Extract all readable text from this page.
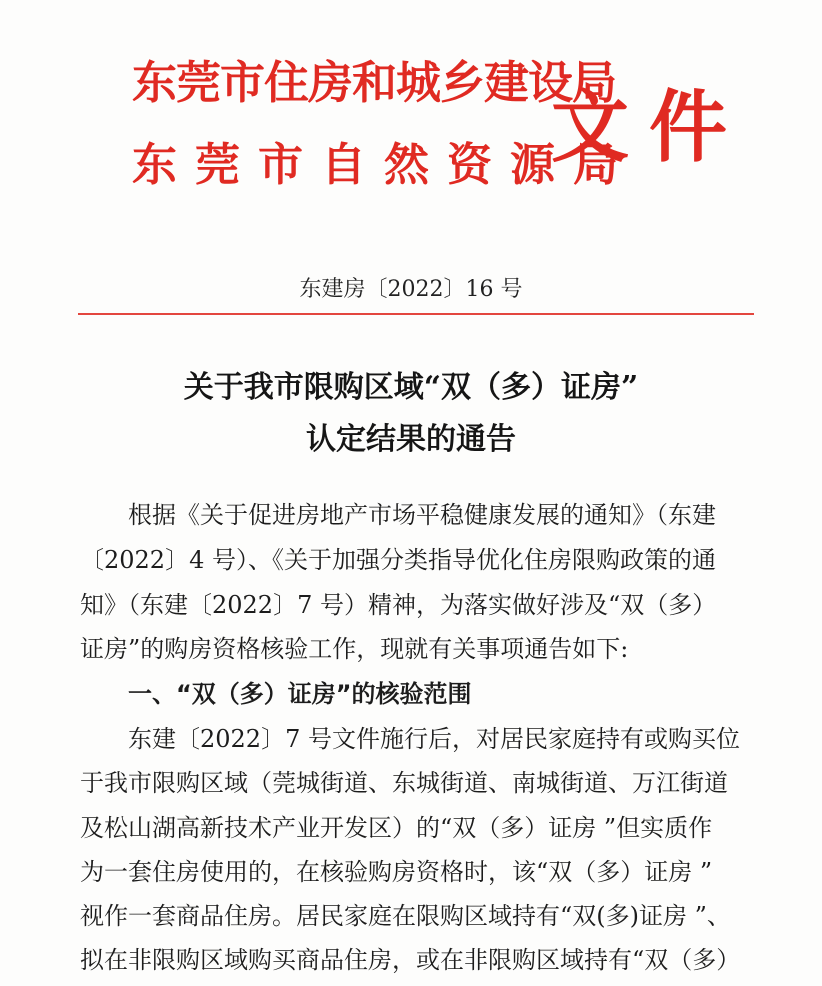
东莞市住房和城乡建设局
东莞市自然资源局
文件
东建房〔2022〕16 号
关于我市限购区域“双（多）证房”
认定结果的通告
根据《关于促进房地产市场平稳健康发展的通知》（东建
〔2022〕4 号）、《关于加强分类指导优化住房限购政策的通
知》（东建〔2022〕7 号）精神，为落实做好涉及“双（多）
证房”的购房资格核验工作，现就有关事项通告如下:
一、“双（多）证房”的核验范围
东建〔2022〕7 号文件施行后，对居民家庭持有或购买位
于我市限购区域（莞城街道、东城街道、南城街道、万江街道
及松山湖高新技术产业开发区）的“双（多）证房 ”但实质作
为一套住房使用的，在核验购房资格时，该“双（多）证房 ”
视作一套商品住房。居民家庭在限购区域持有“双(多)证房 ”、
拟在非限购区域购买商品住房，或在非限购区域持有“双（多）
